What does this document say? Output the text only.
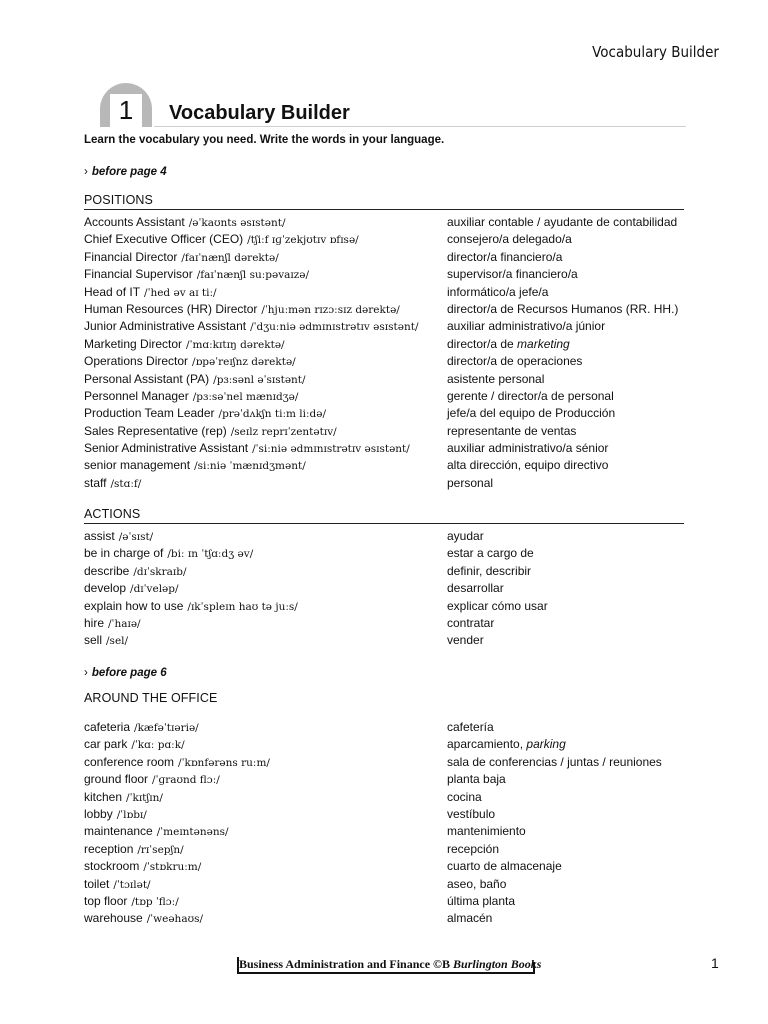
Vocabulary Builder
1	Vocabulary Builder
Learn the vocabulary you need. Write the words in your language.
› before page 4
POSITIONS
Accounts Assistant /əˈkaʊnts əsɪstənt/	auxiliar contable / ayudante de contabilidad
Chief Executive Officer (CEO) /tʃiːf ɪɡˈzekjʊtɪv ɒfɪsə/	consejero/a delegado/a
Financial Director /faɪˈnænʃl dərektə/	director/a financiero/a
Financial Supervisor /faɪˈnænʃl suːpəvaɪzə/	supervisor/a financiero/a
Head of IT /ˈhed əv aɪ tiː/	informático/a jefe/a
Human Resources (HR) Director /ˈhjuːmən rɪzɔːsɪz dərektə/	director/a de Recursos Humanos (RR. HH.)
Junior Administrative Assistant /ˈdʒuːniə ədmɪnɪstrətɪv əsɪstənt/ auxiliar administrativo/a júnior
Marketing Director /ˈmɑːkɪtɪŋ dərektə/	director/a de marketing
Operations Director /ɒpəˈreɪʃnz dərektə/	director/a de operaciones
Personal Assistant (PA) /pɜːsənl əˈsɪstənt/	asistente personal
Personnel Manager /pɜːsəˈnel mænɪdʒə/	gerente / director/a de personal
Production Team Leader /prəˈdʌkʃn tiːm liːdə/	jefe/a del equipo de Producción
Sales Representative (rep) /seɪlz reprɪˈzentətɪv/	representante de ventas
Senior Administrative Assistant /ˈsiːniə ədmɪnɪstrətɪv əsɪstənt/	auxiliar administrativo/a sénior
senior management /siːniə ˈmænɪdʒmənt/	alta dirección, equipo directivo
staff /stɑːf/	personal
ACTIONS
assist /əˈsɪst/	ayudar
be in charge of /biː ɪn ˈtʃɑːdʒ əv/	estar a cargo de
describe /dɪˈskraɪb/	definir, describir
develop /dɪˈveləp/	desarrollar
explain how to use /ɪkˈspleɪn haʊ tə juːs/	explicar cómo usar
hire /ˈhaɪə/	contratar
sell /sel/	vender
› before page 6
AROUND THE OFFICE
cafeteria /kæfəˈtɪəriə/	cafetería
car park /ˈkɑː pɑːk/	aparcamiento, parking
conference room /ˈkɒnfərəns ruːm/	sala de conferencias / juntas / reuniones
ground floor /ˈɡraʊnd flɔː/	planta baja
kitchen /ˈkɪtʃɪn/	cocina
lobby /ˈlɒbɪ/	vestíbulo
maintenance /ˈmeɪntənəns/	mantenimiento
reception /rɪˈsepʃn/	recepción
stockroom /ˈstɒkruːm/	cuarto de almacenaje
toilet /ˈtɔɪlət/	aseo, baño
top floor /tɒp ˈflɔː/	última planta
warehouse /ˈweəhaʊs/	almacén
Business Administration and Finance ©B Burlington Books	1
